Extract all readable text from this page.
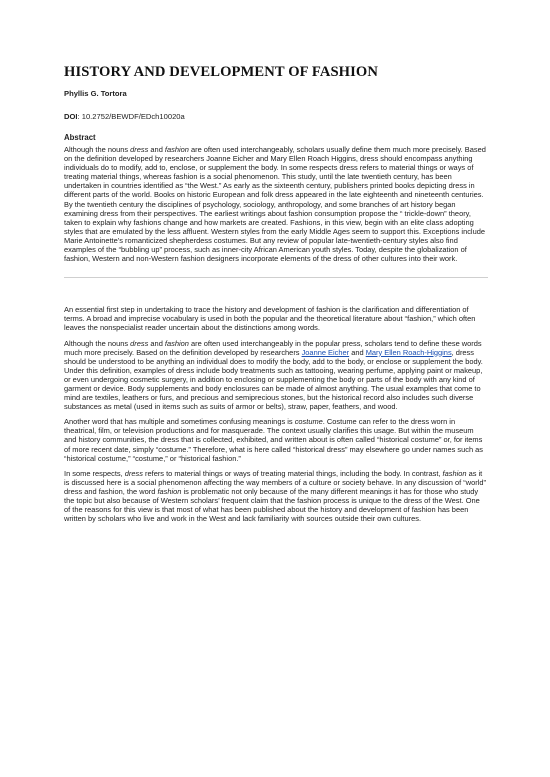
HISTORY AND DEVELOPMENT OF FASHION
Phyllis G. Tortora
DOI: 10.2752/BEWDF/EDch10020a
Abstract

Although the nouns dress and fashion are often used interchangeably, scholars usually define them much more precisely. Based on the definition developed by researchers Joanne Eicher and Mary Ellen Roach Higgins, dress should encompass anything individuals do to modify, add to, enclose, or supplement the body. In some respects dress refers to material things or ways of treating material things, whereas fashion is a social phenomenon. This study, until the late twentieth century, has been undertaken in countries identified as “the West.” As early as the sixteenth century, publishers printed books depicting dress in different parts of the world. Books on historic European and folk dress appeared in the late eighteenth and nineteenth centuries. By the twentieth century the disciplines of psychology, sociology, anthropology, and some branches of art history began examining dress from their perspectives. The earliest writings about fashion consumption propose the “ trickle-down” theory, taken to explain why fashions change and how markets are created. Fashions, in this view, begin with an elite class adopting styles that are emulated by the less affluent. Western styles from the early Middle Ages seem to support this. Exceptions include Marie Antoinette’s romanticized shepherdess costumes. But any review of popular late-twentieth-century styles also find examples of the “bubbling up” process, such as inner-city African American youth styles. Today, despite the globalization of fashion, Western and non-Western fashion designers incorporate elements of the dress of other cultures into their work.

An essential first step in undertaking to trace the history and development of fashion is the clarification and differentiation of terms. A broad and imprecise vocabulary is used in both the popular and the theoretical literature about “fashion,” which often leaves the nonspecialist reader uncertain about the distinctions among words.

Although the nouns dress and fashion are often used interchangeably in the popular press, scholars tend to define these words much more precisely. Based on the definition developed by researchers Joanne Eicher and Mary Ellen Roach-Higgins, dress should be understood to be anything an individual does to modify the body, add to the body, or enclose or supplement the body. Under this definition, examples of dress include body treatments such as tattooing, wearing perfume, applying paint or makeup, or even undergoing cosmetic surgery, in addition to enclosing or supplementing the body or parts of the body with any kind of garment or device. Body supplements and body enclosures can be made of almost anything. The usual examples that come to mind are textiles, leathers or furs, and precious and semiprecious stones, but the historical record also includes such diverse substances as metal (used in items such as suits of armor or belts), straw, paper, feathers, and wood.

Another word that has multiple and sometimes confusing meanings is costume. Costume can refer to the dress worn in theatrical, film, or television productions and for masquerade. The context usually clarifies this usage. But within the museum and history communities, the dress that is collected, exhibited, and written about is often called “historical costume” or, for items of more recent date, simply “costume.” Therefore, what is here called “historical dress” may elsewhere go under names such as “historical costume,” “costume,” or “historical fashion.”

In some respects, dress refers to material things or ways of treating material things, including the body. In contrast, fashion as it is discussed here is a social phenomenon affecting the way members of a culture or society behave. In any discussion of “world” dress and fashion, the word fashion is problematic not only because of the many different meanings it has for those who study the topic but also because of Western scholars’ frequent claim that the fashion process is unique to the dress of the West. One of the reasons for this view is that most of what has been published about the history and development of fashion has been written by scholars who live and work in the West and lack familiarity with sources outside their own cultures.
